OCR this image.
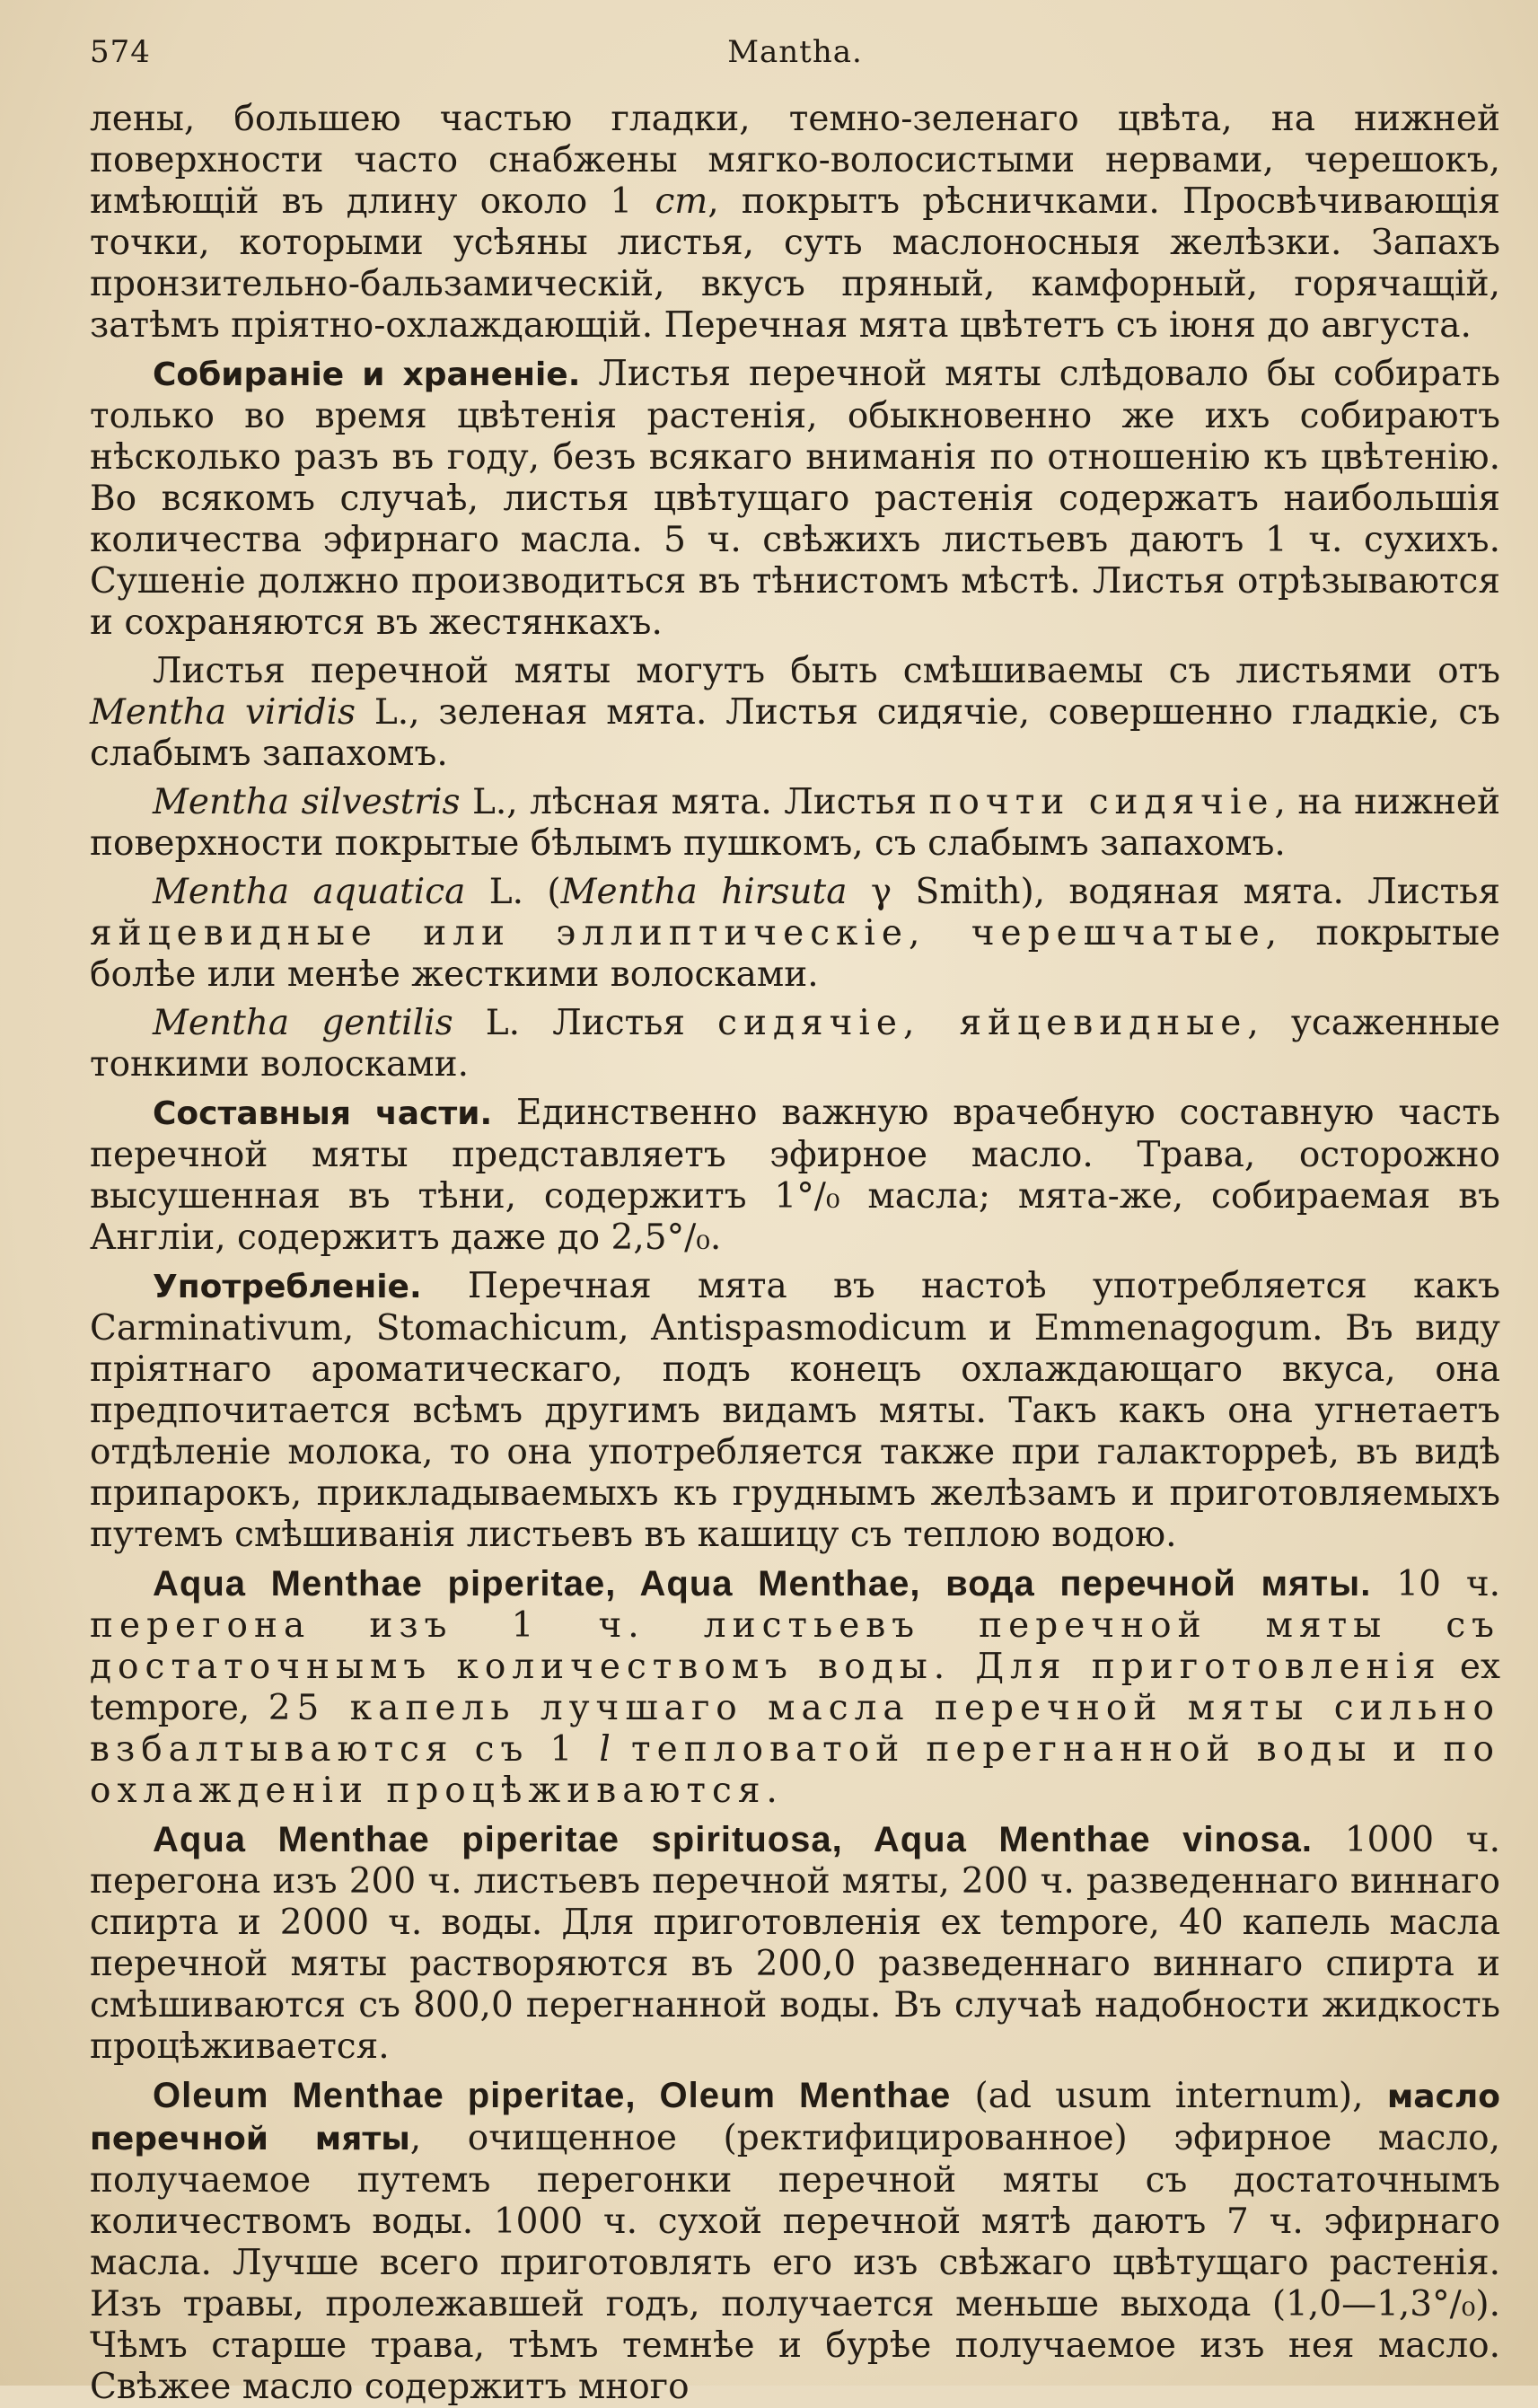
574	Mantha.

лены, большею частью гладки, темно-зеленаго цвѣта, на нижней поверхности часто снабжены мягко-волосистыми нервами, черешокъ, имѣющій въ длину около 1 cm, покрытъ рѣсничками. Просвѣчивающія точки, которыми усѣяны листья, суть маслоносныя желѣзки. Запахъ пронзительно-бальзамическій, вкусъ пряный, камфорный, горячащій, затѣмъ пріятно-охлаждающій. Перечная мята цвѣтетъ съ іюня до августа.

Собираніе и храненіе. Листья перечной мяты слѣдовало бы собирать только во время цвѣтенія растенія, обыкновенно же ихъ собираютъ нѣсколько разъ въ году, безъ всякаго вниманія по отношенію къ цвѣтенію. Во всякомъ случаѣ, листья цвѣтущаго растенія содержатъ наибольшія количества эфирнаго масла. 5 ч. свѣжихъ листьевъ даютъ 1 ч. сухихъ. Сушеніе должно производиться въ тѣнистомъ мѣстѣ. Листья отрѣзываются и сохраняются въ жестянкахъ.

Листья перечной мяты могутъ быть смѣшиваемы съ листьями отъ Mentha viridis L., зеленая мята. Листья сидячіе, совершенно гладкіе, съ слабымъ запахомъ.

Mentha silvestris L., лѣсная мята. Листья почти сидячіе, на нижней поверхности покрытые бѣлымъ пушкомъ, съ слабымъ запахомъ.

Mentha aquatica L. (Mentha hirsuta γ Smith), водяная мята. Листья яйцевидные или эллиптическіе, черешчатые, покрытые болѣе или менѣе жесткими волосками.

Mentha gentilis L. Листья сидячіе, яйцевидные, усаженные тонкими волосками.

Составныя части. Единственно важную врачебную составную часть перечной мяты представляетъ эфирное масло. Трава, осторожно высушенная въ тѣни, содержитъ 1°/₀ масла; мята-же, собираемая въ Англіи, содержитъ даже до 2,5°/₀.

Употребленіе. Перечная мята въ настоѣ употребляется какъ Carminativum, Stomachicum, Antispasmodicum и Emmenagogum. Въ виду пріятнаго ароматическаго, подъ конецъ охлаждающаго вкуса, она предпочитается всѣмъ другимъ видамъ мяты. Такъ какъ она угнетаетъ отдѣленіе молока, то она употребляется также при галакторреѣ, въ видѣ припарокъ, прикладываемыхъ къ груднымъ желѣзамъ и приготовляемыхъ путемъ смѣшиванія листьевъ въ кашицу съ теплою водою.

Aqua Menthae piperitae, Aqua Menthae, вода перечной мяты. 10 ч. перегона изъ 1 ч. листьевъ перечной мяты съ достаточнымъ количествомъ воды. Для приготовленія ex tempore, 25 капель лучшаго масла перечной мяты сильно взбалтываются съ 1 l тепловатой перегнанной воды и по охлажденіи процѣживаются.

Aqua Menthae piperitae spirituosa, Aqua Menthae vinosa. 1000 ч. перегона изъ 200 ч. листьевъ перечной мяты, 200 ч. разведеннаго виннаго спирта и 2000 ч. воды. Для приготовленія ex tempore, 40 капель масла перечной мяты растворяются въ 200,0 разведеннаго виннаго спирта и смѣшиваются съ 800,0 перегнанной воды. Въ случаѣ надобности жидкость процѣживается.

Oleum Menthae piperitae, Oleum Menthae (ad usum internum), масло перечной мяты, очищенное (ректифицированное) эфирное масло, получаемое путемъ перегонки перечной мяты съ достаточнымъ количествомъ воды. 1000 ч. сухой перечной мятѣ даютъ 7 ч. эфирнаго масла. Лучше всего приготовлять его изъ свѣжаго цвѣтущаго растенія. Изъ травы, пролежавшей годъ, получается меньше выхода (1,0—1,3°/₀). Чѣмъ старше трава, тѣмъ темнѣе и бурѣе получаемое изъ нея масло. Свѣжее масло содержитъ много
